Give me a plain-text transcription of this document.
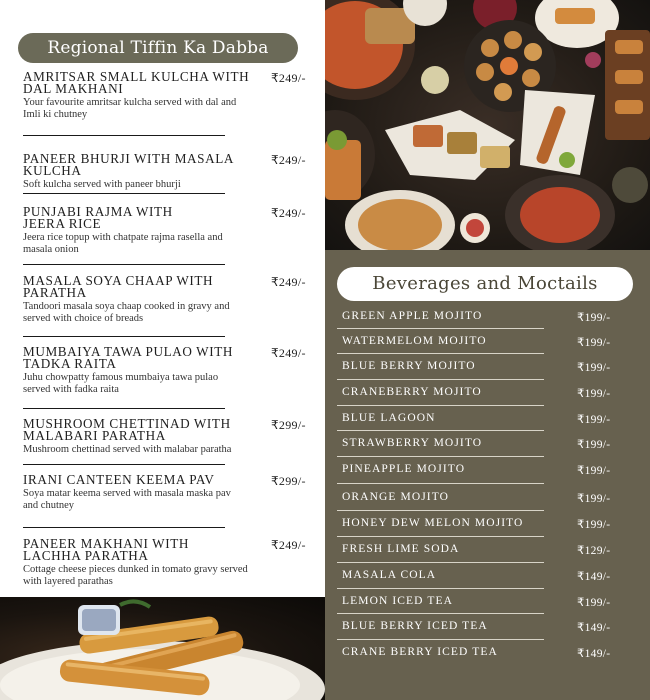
Regional Tiffin Ka Dabba
AMRITSAR SMALL KULCHA WITH
DAL MAKHANI
₹249/-
Your favourite amritsar kulcha served with dal and Imli ki chutney
PANEER BHURJI WITH MASALA KULCHA
₹249/-
Soft kulcha served with paneer bhurji
PUNJABI RAJMA WITH
JEERA RICE
₹249/-
Jeera rice topup with chatpate rajma rasella and masala onion
MASALA SOYA CHAAP WITH
PARATHA
₹249/-
Tandoori masala soya chaap cooked in gravy and served with choice of breads
MUMBAIYA TAWA PULAO WITH
TADKA RAITA
₹249/-
Juhu chowpatty famous mumbaiya tawa pulao served with fadka raita
MUSHROOM CHETTINAD WITH
MALABARI PARATHA
₹299/-
Mushroom chettinad served with malabar paratha
IRANI CANTEEN KEEMA PAV	₹299/-
Soya matar keema served with masala maska pav and chutney
PANEER MAKHANI WITH
LACHHA PARATHA
₹249/-
Cottage cheese pieces dunked in tomato gravy served with layered parathas
Beverages and Moctails
GREEN APPLE MOJITO	₹199/-
WATERMELOM MOJITO	₹199/-
BLUE BERRY MOJITO	₹199/-
CRANEBERRY MOJITO	₹199/-
BLUE LAGOON	₹199/-
STRAWBERRY MOJITO	₹199/-
PINEAPPLE MOJITO	₹199/-
ORANGE MOJITO	₹199/-
HONEY DEW MELON MOJITO	₹199/-
FRESH LIME SODA	₹129/-
MASALA COLA	₹149/-
LEMON ICED TEA	₹199/-
BLUE BERRY ICED TEA	₹149/-
CRANE BERRY ICED TEA	₹149/-
